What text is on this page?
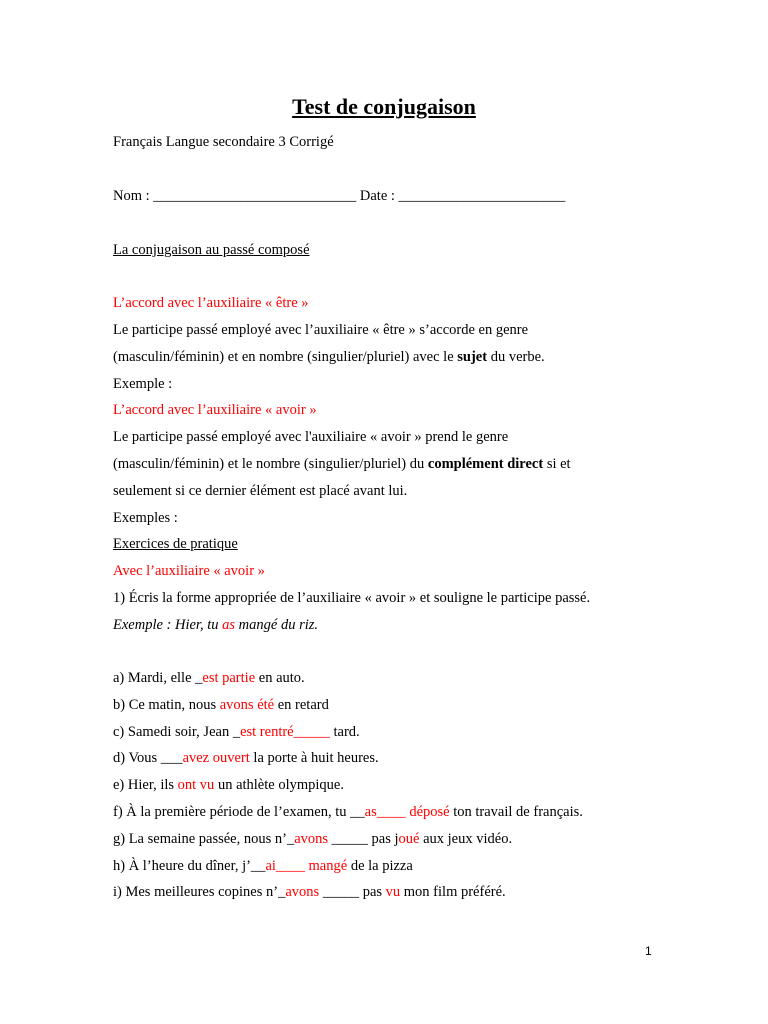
Test de conjugaison
Français Langue secondaire 3 Corrigé
Nom : ____________________________ Date : _______________________
La conjugaison au passé composé
L’accord avec l’auxiliaire « être »
Le participe passé employé avec l’auxiliaire « être » s’accorde en genre
(masculin/féminin) et en nombre (singulier/pluriel) avec le sujet du verbe.
Exemple :
L’accord avec l’auxiliaire « avoir »
Le participe passé employé avec l'auxiliaire « avoir » prend le genre
(masculin/féminin) et le nombre (singulier/pluriel) du complément direct si et
seulement si ce dernier élément est placé avant lui.
Exemples :
Exercices de pratique
Avec l’auxiliaire « avoir »
1) Écris la forme appropriée de l’auxiliaire « avoir » et souligne le participe passé.
Exemple : Hier, tu as mangé du riz.
a) Mardi, elle _est partie en auto.
b) Ce matin, nous avons été en retard
c) Samedi soir, Jean _est rentré_____ tard.
d) Vous ___avez ouvert la porte à huit heures.
e) Hier, ils ont vu un athlète olympique.
f) À la première période de l’examen, tu __as____ déposé ton travail de français.
g) La semaine passée, nous n’_avons _____ pas joué aux jeux vidéo.
h) À l’heure du dîner, j’__ai____ mangé de la pizza
i) Mes meilleures copines n’_avons _____ pas vu mon film préféré.
1
